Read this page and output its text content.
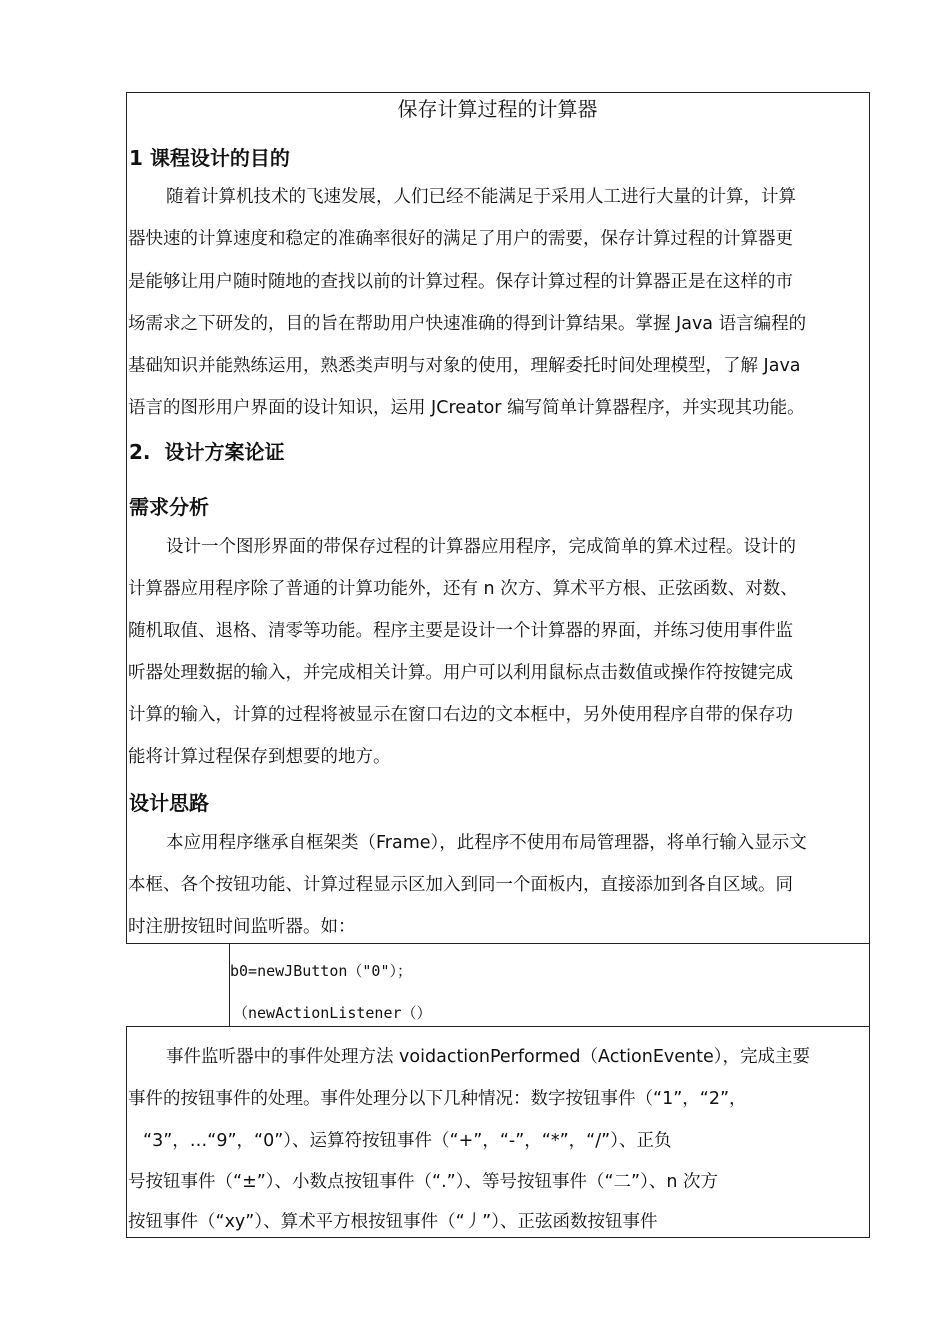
保存计算过程的计算器
1 课程设计的目的
随着计算机技术的飞速发展，人们已经不能满足于采用人工进行大量的计算，计算
器快速的计算速度和稳定的准确率很好的满足了用户的需要，保存计算过程的计算器更
是能够让用户随时随地的查找以前的计算过程。保存计算过程的计算器正是在这样的市
场需求之下研发的，目的旨在帮助用户快速准确的得到计算结果。掌握 Java 语言编程的
基础知识并能熟练运用，熟悉类声明与对象的使用，理解委托时间处理模型，了解 Java
语言的图形用户界面的设计知识，运用 JCreator 编写简单计算器程序，并实现其功能。
2.  设计方案论证
需求分析
设计一个图形界面的带保存过程的计算器应用程序，完成简单的算术过程。设计的
计算器应用程序除了普通的计算功能外，还有 n 次方、算术平方根、正弦函数、对数、
随机取值、退格、清零等功能。程序主要是设计一个计算器的界面，并练习使用事件监
听器处理数据的输入，并完成相关计算。用户可以利用鼠标点击数值或操作符按键完成
计算的输入，计算的过程将被显示在窗口右边的文本框中，另外使用程序自带的保存功
能将计算过程保存到想要的地方。
设计思路
本应用程序继承自框架类（Frame），此程序不使用布局管理器，将单行输入显示文
本框、各个按钮功能、计算过程显示区加入到同一个面板内，直接添加到各自区域。同
时注册按钮时间监听器。如：
b0=newJButton（"0"）；
（newActionListener（）
事件监听器中的事件处理方法 voidactionPerformed（ActionEvente），完成主要
事件的按钮事件的处理。事件处理分以下几种情况：数字按钮事件（“1”，“2”，
“3”，…“9”，“0”）、运算符按钮事件（“+”，“-”，“*”，“/”）、正负
号按钮事件（“±”）、小数点按钮事件（“.”）、等号按钮事件（“二”）、n 次方
按钮事件（“xy”）、算术平方根按钮事件（“丿”）、正弦函数按钮事件
